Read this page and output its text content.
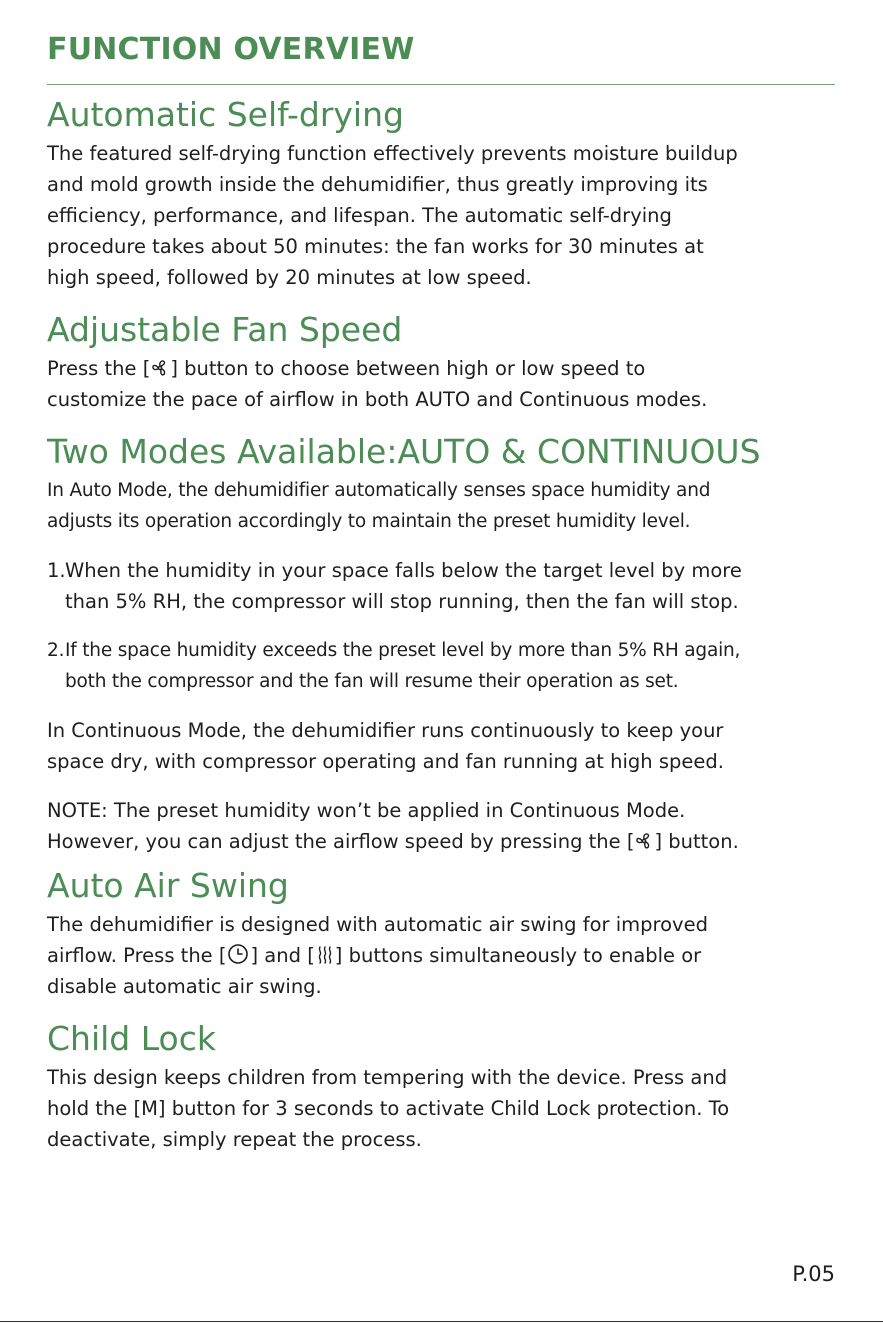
FUNCTION OVERVIEW
Automatic Self-drying

The featured self-drying function effectively prevents moisture buildup
and mold growth inside the dehumidifier, thus greatly improving its
efficiency, performance, and lifespan. The automatic self-drying
procedure takes about 50 minutes: the fan works for 30 minutes at
high speed, followed by 20 minutes at low speed.

Adjustable Fan Speed

Press the [ ] button to choose between high or low speed to
customize the pace of airflow in both AUTO and Continuous modes.

Two Modes Available:AUTO & CONTINUOUS

In Auto Mode, the dehumidifier automatically senses space humidity and
adjusts its operation accordingly to maintain the preset humidity level.

1. When the humidity in your space falls below the target level by more
than 5% RH, the compressor will stop running, then the fan will stop.
2. If the space humidity exceeds the preset level by more than 5% RH again,
both the compressor and the fan will resume their operation as set.

In Continuous Mode, the dehumidifier runs continuously to keep your
space dry, with compressor operating and fan running at high speed.

NOTE: The preset humidity won’t be applied in Continuous Mode.
However, you can adjust the airflow speed by pressing the [ ] button.

Auto Air Swing

The dehumidifier is designed with automatic air swing for improved
airflow. Press the [ ] and [ ] buttons simultaneously to enable or
disable automatic air swing.

Child Lock

This design keeps children from tempering with the device. Press and
hold the [M] button for 3 seconds to activate Child Lock protection. To
deactivate, simply repeat the process.

P.05
